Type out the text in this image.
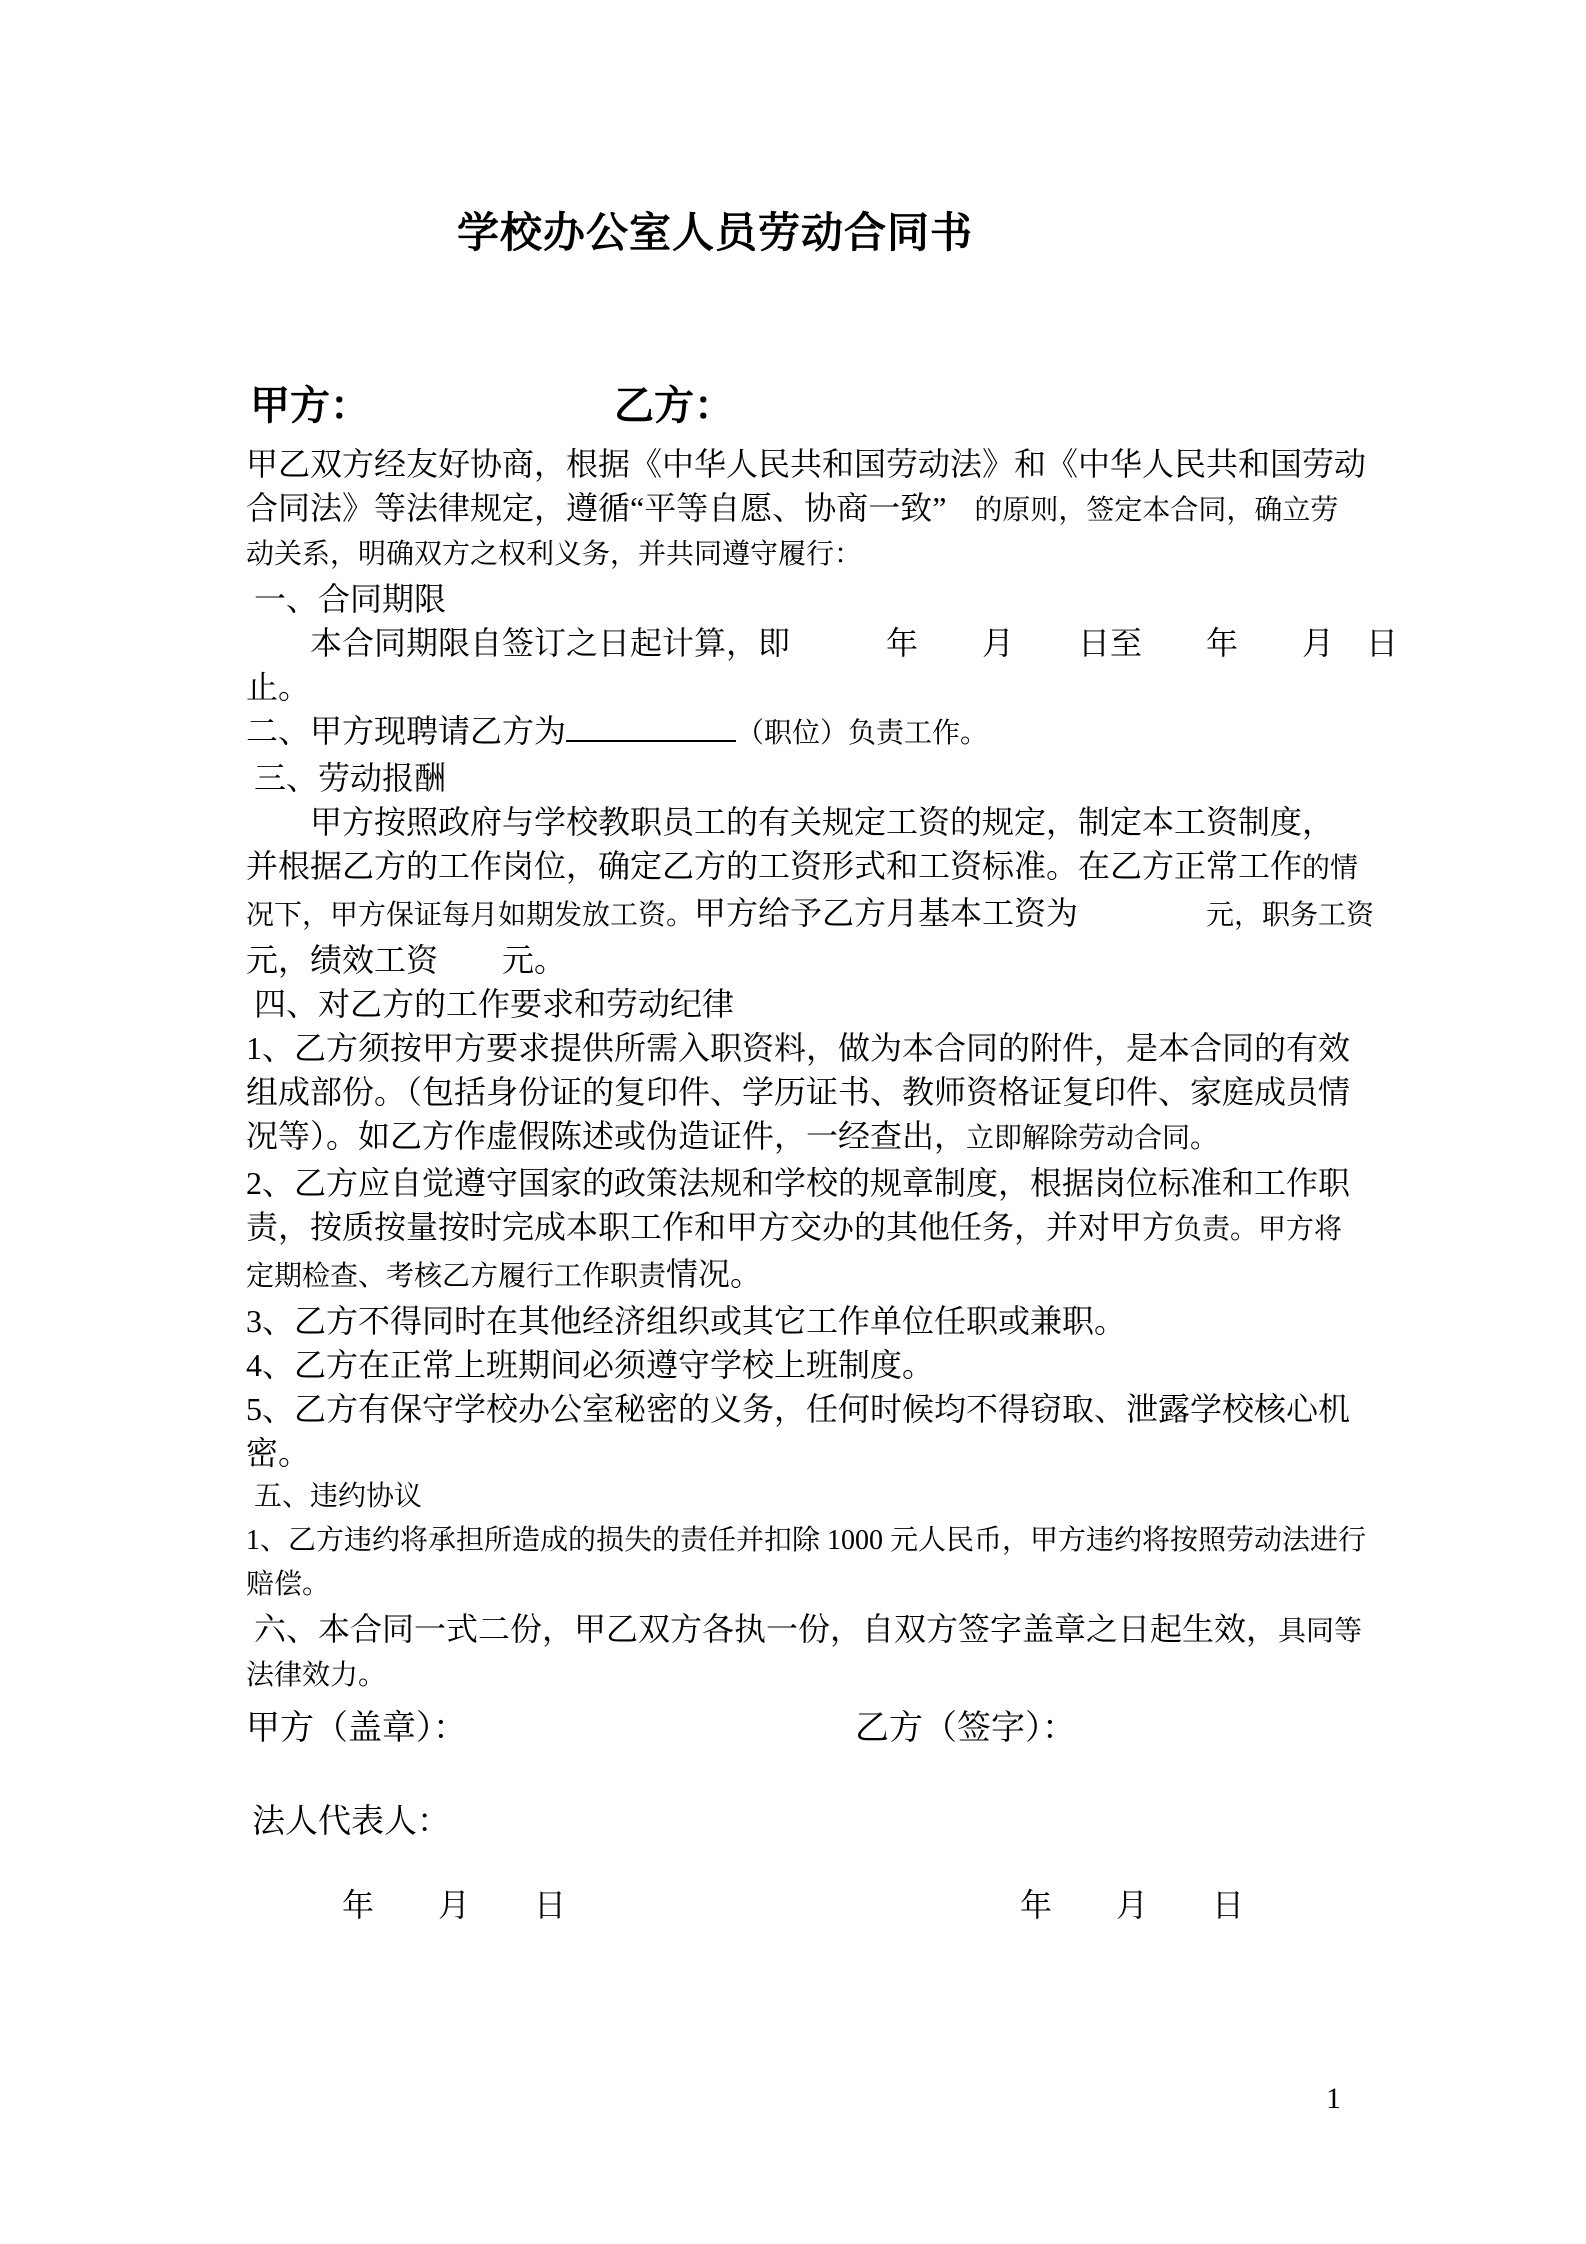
学校办公室人员劳动合同书
甲方：	乙方：
甲乙双方经友好协商，根据《中华人民共和国劳动法》和《中华人民共和国劳动
合同法》等法律规定，遵循“平等自愿、协商一致”　的原则，签定本合同，确立劳
动关系，明确双方之权利义务，并共同遵守履行：
一、合同期限
本合同期限自签订之日起计算，即　　　年　　月　　日至　　年　　月　日
止。
二、甲方现聘请乙方为	（职位）负责工作。
三、劳动报酬
甲方按照政府与学校教职员工的有关规定工资的规定，制定本工资制度，
并根据乙方的工作岗位，确定乙方的工资形式和工资标准。在乙方正常工作的情
况下，甲方保证每月如期发放工资。甲方给予乙方月基本工资为　　　　元，职务工资
元，绩效工资　　元。
四、对乙方的工作要求和劳动纪律
1、乙方须按甲方要求提供所需入职资料，做为本合同的附件，是本合同的有效
组成部份。（包括身份证的复印件、学历证书、教师资格证复印件、家庭成员情
况等）。如乙方作虚假陈述或伪造证件，一经查出，立即解除劳动合同。
2、乙方应自觉遵守国家的政策法规和学校的规章制度，根据岗位标准和工作职
责，按质按量按时完成本职工作和甲方交办的其他任务，并对甲方负责。甲方将
定期检查、考核乙方履行工作职责情况。
3、乙方不得同时在其他经济组织或其它工作单位任职或兼职。
4、乙方在正常上班期间必须遵守学校上班制度。
5、乙方有保守学校办公室秘密的义务，任何时候均不得窃取、泄露学校核心机
密。
五、违约协议
1、乙方违约将承担所造成的损失的责任并扣除 1000 元人民币，甲方违约将按照劳动法进行
赔偿。
六、本合同一式二份，甲乙双方各执一份，自双方签字盖章之日起生效，具同等
法律效力。
甲方（盖章）：	乙方（签字）：
法人代表人：
年　　月　　日	年　　月　　日
1
